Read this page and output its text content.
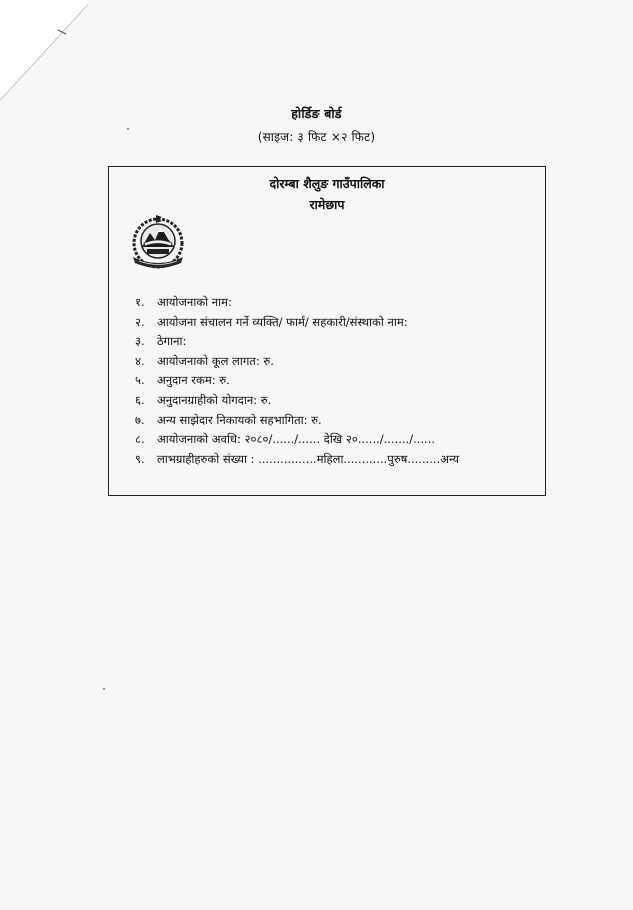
होर्डिङ बोर्ड
(साइज: ३ फिट ×२ फिट)
दोरम्बा शैलुङ गाउँपालिका
रामेछाप
१.	आयोजनाको नाम:
२.	आयोजना संचालन गर्ने व्यक्ति/ फार्म/ सहकारी/संस्थाको नाम:
३.	ठेगाना:
४.	आयोजनाको कूल लागत: रु.
५.	अनुदान रकम: रु.
६.	अनुदानग्राहीको योगदान: रु.
७.	अन्य साझेदार निकायको सहभागिता: रु.
८.	आयोजनाको अवधि: २०८०/....../...... देखि २०....../......./......
९.	लाभग्राहीहरुको संख्या : ................महिला............पुरुष.........अन्य
